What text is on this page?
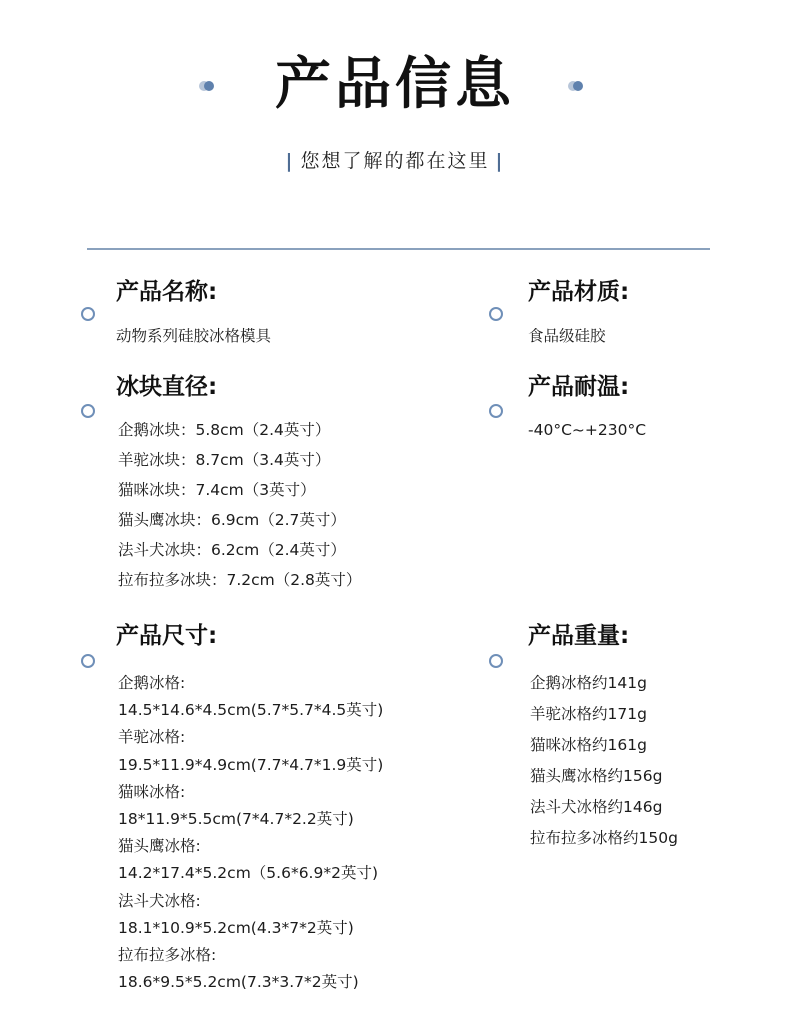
产品信息
| 您想了解的都在这里 |
产品名称:
动物系列硅胶冰格模具
产品材质:
食品级硅胶
冰块直径:
企鹅冰块：5.8cm（2.4英寸）
羊驼冰块：8.7cm（3.4英寸）
猫咪冰块：7.4cm（3英寸）
猫头鹰冰块：6.9cm（2.7英寸）
法斗犬冰块：6.2cm（2.4英寸）
拉布拉多冰块：7.2cm（2.8英寸）
产品耐温:
-40°C~+230°C
产品尺寸:
企鹅冰格:
14.5*14.6*4.5cm(5.7*5.7*4.5英寸)
羊驼冰格:
19.5*11.9*4.9cm(7.7*4.7*1.9英寸)
猫咪冰格:
18*11.9*5.5cm(7*4.7*2.2英寸)
猫头鹰冰格:
14.2*17.4*5.2cm（5.6*6.9*2英寸)
法斗犬冰格:
18.1*10.9*5.2cm(4.3*7*2英寸)
拉布拉多冰格:
18.6*9.5*5.2cm(7.3*3.7*2英寸)
产品重量:
企鹅冰格约141g
羊驼冰格约171g
猫咪冰格约161g
猫头鹰冰格约156g
法斗犬冰格约146g
拉布拉多冰格约150g
